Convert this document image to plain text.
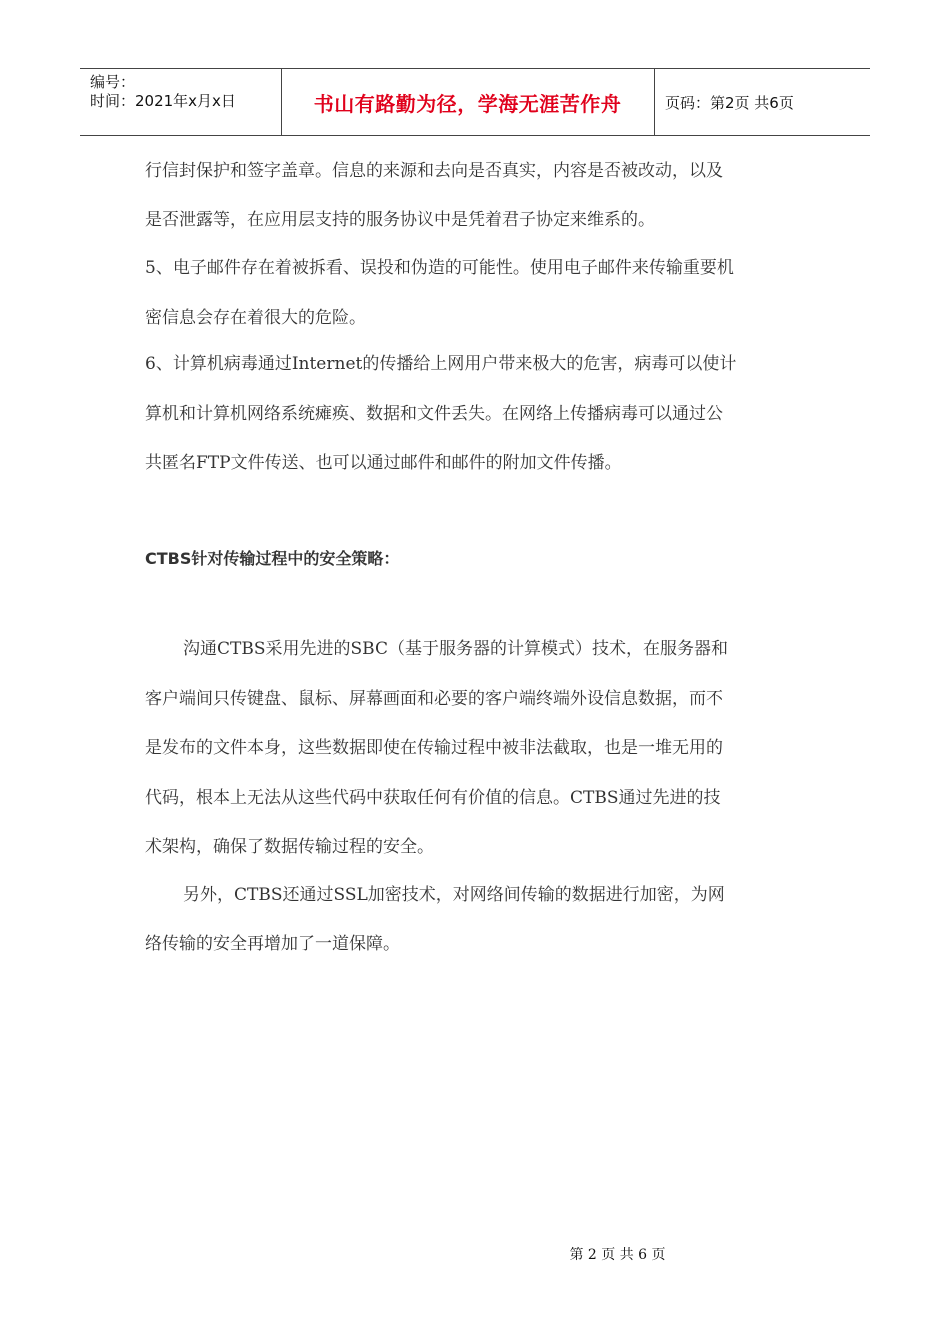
编号：
时间：2021年x月x日	书山有路勤为径，学海无涯苦作舟	页码：第2页 共6页
行信封保护和签字盖章。信息的来源和去向是否真实，内容是否被改动，以及
是否泄露等，在应用层支持的服务协议中是凭着君子协定来维系的。
5、电子邮件存在着被拆看、误投和伪造的可能性。使用电子邮件来传输重要机
密信息会存在着很大的危险。
6、计算机病毒通过Internet的传播给上网用户带来极大的危害，病毒可以使计
算机和计算机网络系统瘫痪、数据和文件丢失。在网络上传播病毒可以通过公
共匿名FTP文件传送、也可以通过邮件和邮件的附加文件传播。
CTBS针对传输过程中的安全策略：
沟通CTBS采用先进的SBC（基于服务器的计算模式）技术，在服务器和
客户端间只传键盘、鼠标、屏幕画面和必要的客户端终端外设信息数据，而不
是发布的文件本身，这些数据即使在传输过程中被非法截取，也是一堆无用的
代码，根本上无法从这些代码中获取任何有价值的信息。CTBS通过先进的技
术架构，确保了数据传输过程的安全。
另外，CTBS还通过SSL加密技术，对网络间传输的数据进行加密，为网
络传输的安全再增加了一道保障。
第 2 页 共 6 页
